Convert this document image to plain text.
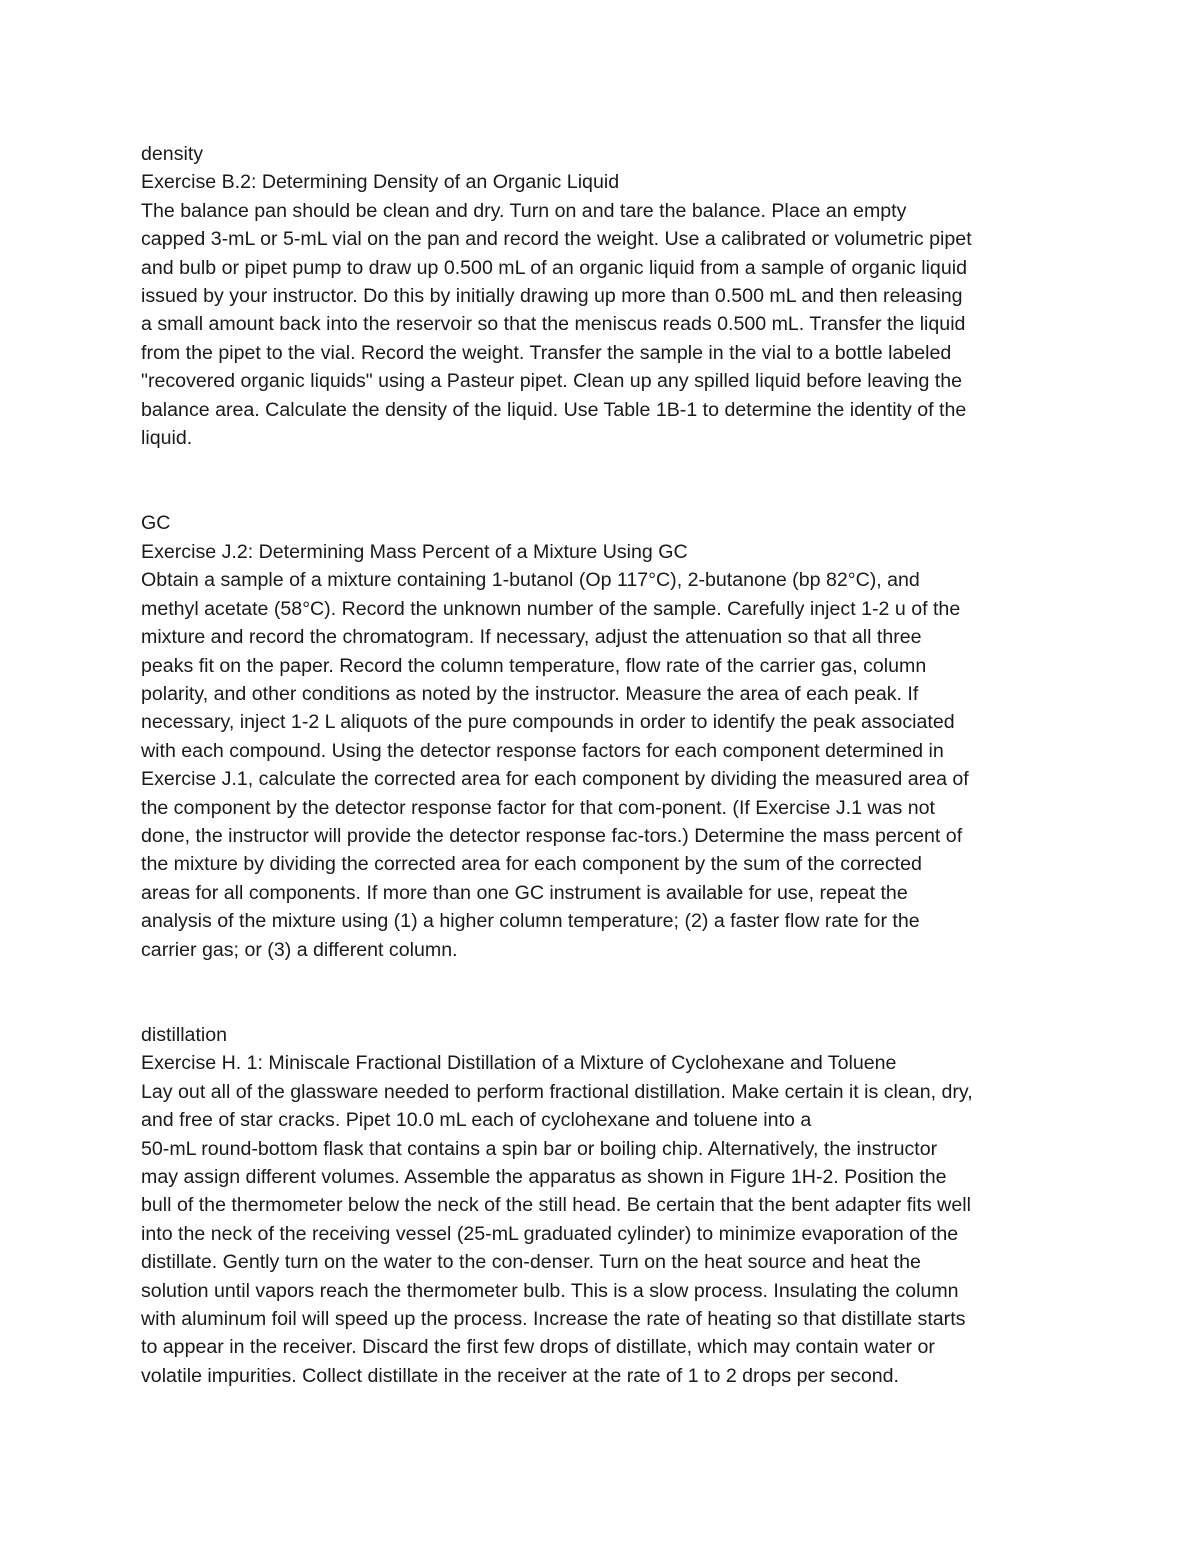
density
Exercise B.2: Determining Density of an Organic Liquid
The balance pan should be clean and dry. Turn on and tare the balance. Place an empty
capped 3-mL or 5-mL vial on the pan and record the weight. Use a calibrated or volumetric pipet
and bulb or pipet pump to draw up 0.500 mL of an organic liquid from a sample of organic liquid
issued by your instructor. Do this by initially drawing up more than 0.500 mL and then releasing
a small amount back into the reservoir so that the meniscus reads 0.500 mL. Transfer the liquid
from the pipet to the vial. Record the weight. Transfer the sample in the vial to a bottle labeled
"recovered organic liquids" using a Pasteur pipet. Clean up any spilled liquid before leaving the
balance area. Calculate the density of the liquid. Use Table 1B-1 to determine the identity of the
liquid.
GC
Exercise J.2: Determining Mass Percent of a Mixture Using GC
Obtain a sample of a mixture containing 1-butanol (Op 117°C), 2-butanone (bp 82°C), and
methyl acetate (58°C). Record the unknown number of the sample. Carefully inject 1-2 u of the
mixture and record the chromatogram. If necessary, adjust the attenuation so that all three
peaks fit on the paper. Record the column temperature, flow rate of the carrier gas, column
polarity, and other conditions as noted by the instructor. Measure the area of each peak. If
necessary, inject 1-2 L aliquots of the pure compounds in order to identify the peak associated
with each compound. Using the detector response factors for each component determined in
Exercise J.1, calculate the corrected area for each component by dividing the measured area of
the component by the detector response factor for that com-ponent. (If Exercise J.1 was not
done, the instructor will provide the detector response fac-tors.) Determine the mass percent of
the mixture by dividing the corrected area for each component by the sum of the corrected
areas for all components. If more than one GC instrument is available for use, repeat the
analysis of the mixture using (1) a higher column temperature; (2) a faster flow rate for the
carrier gas; or (3) a different column.
distillation
Exercise H. 1: Miniscale Fractional Distillation of a Mixture of Cyclohexane and Toluene
Lay out all of the glassware needed to perform fractional distillation. Make certain it is clean, dry,
and free of star cracks. Pipet 10.0 mL each of cyclohexane and toluene into a
50-mL round-bottom flask that contains a spin bar or boiling chip. Alternatively, the instructor
may assign different volumes. Assemble the apparatus as shown in Figure 1H-2. Position the
bull of the thermometer below the neck of the still head. Be certain that the bent adapter fits well
into the neck of the receiving vessel (25-mL graduated cylinder) to minimize evaporation of the
distillate. Gently turn on the water to the con-denser. Turn on the heat source and heat the
solution until vapors reach the thermometer bulb. This is a slow process. Insulating the column
with aluminum foil will speed up the process. Increase the rate of heating so that distillate starts
to appear in the receiver. Discard the first few drops of distillate, which may contain water or
volatile impurities. Collect distillate in the receiver at the rate of 1 to 2 drops per second.
